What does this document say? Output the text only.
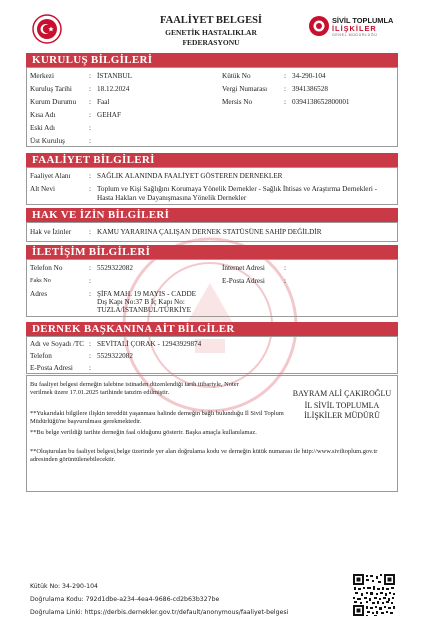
FAALİYET BELGESİ
GENETİK HASTALIKLAR
FEDERASYONU
SİVİL TOPLUMLA
İLİŞKİLER
GENEL MÜDÜRLÜĞÜ
KURULUŞ BİLGİLERİ
Merkezi	: İSTANBUL
Kuruluş Tarihi : 18.12.2024
Kurum Durumu : Faal
Kısa Adı	: GEHAF
Eski Adı	:
Üst Kuruluş	:
Kütük No	: 34-290-104
Vergi Numarası : 3941386528
Mersis No	: 0394138652800001
FAALİYET BİLGİLERİ
Faaliyet Alanı	: SAĞLIK ALANINDA FAALİYET GÖSTEREN DERNEKLER
Alt Nevi	: Toplum ve Kişi Sağlığını Korumaya Yönelik Dernekler - Sağlık İhtisas ve Araştırma Dernekleri - Hasta Hakları ve Dayanışmasına Yönelik Dernekler
HAK VE İZİN BİLGİLERİ
Hak ve İzinler : KAMU YARARINA ÇALIŞAN DERNEK STATÜSÜNE SAHİP DEĞİLDİR
İLETİŞİM BİLGİLERİ
Telefon No	: 5529322082
Faks No	:
Adres	: ŞİFA MAH. 19 MAYIS - CADDE
Dış Kapı No:37 B İç Kapı No:
TUZLA/İSTANBUL/TÜRKİYE
İnternet Adresi	:
E-Posta Adresi	:
DERNEK BAŞKANINA AİT BİLGİLER
Adı ve Soyadı /TC : SEVİTALİ ÇORAK - 12943929874
Telefon	: 5529322082
E-Posta Adresi :
Bu faaliyet belgesi derneğin talebine istinaden düzenlendiği tarih itibariyle, Noter verilmek üzere 17.01.2025 tarihinde tanzim edilmiştir.
**Yukarıdaki bilgilere ilişkin tereddüt yaşanması halinde derneğin bağlı bulunduğu İl Sivil Toplum Müdürlüğü'ne başvurulması gerekmektedir.
**Bu belge verildiği tarihte derneğin faal olduğunu gösterir. Başka amaçla kullanılamaz.
**Oluşturulan bu faaliyet belgesi,belge üzerinde yer alan doğrulama kodu ve derneğin kütük numarası ile http://www.siviltoplum.gov.tr adresinden görüntülenebilecektir.
BAYRAM ALİ ÇAKIROĞLU
İL SİVİL TOPLUMLA
İLİŞKİLER MÜDÜRÜ
Kütük No: 34-290-104
Doğrulama Kodu: 792d1dbe-a234-4ea4-9686-cd2b63b327be
Doğrulama Linki: https://derbis.dernekler.gov.tr/default/anonymous/faaliyet-belgesi
